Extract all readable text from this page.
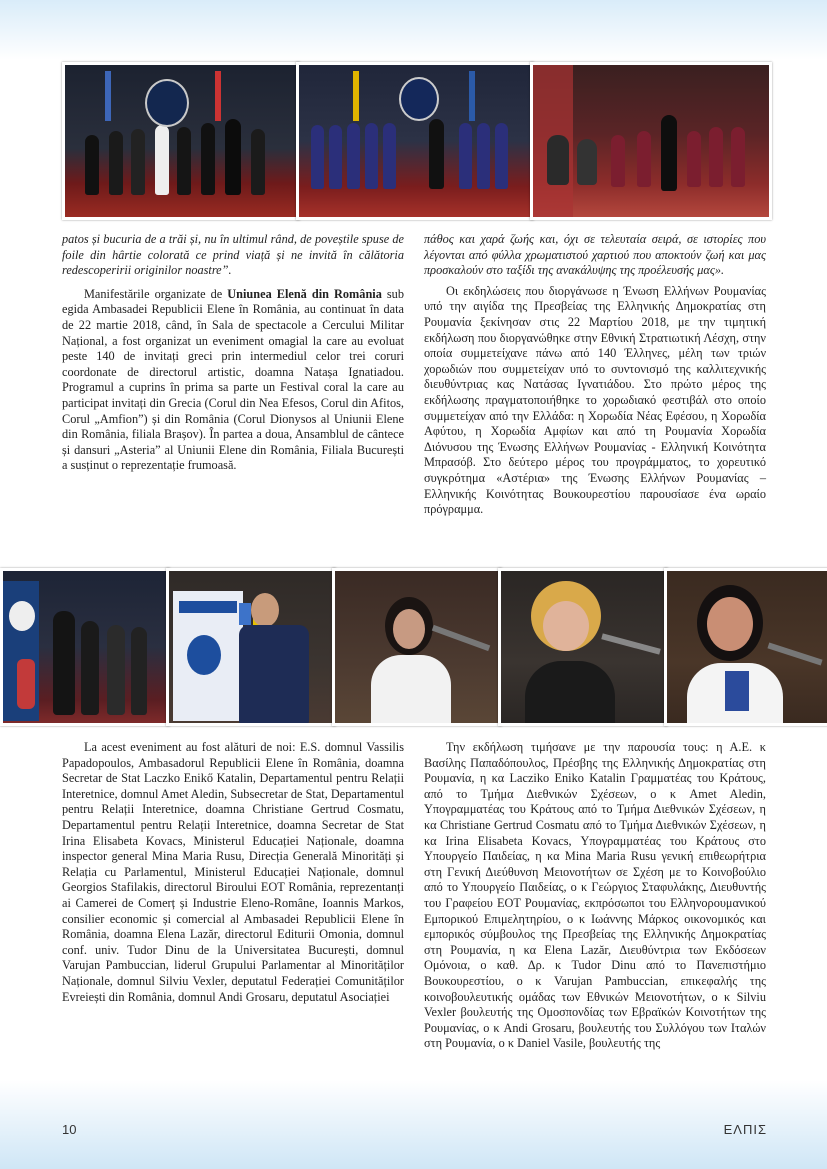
patos și bucuria de a trăi și, nu în ultimul rând, de poveștile spuse de foile din hârtie colorată ce prind viață și ne invită în călătoria redescoperirii originilor noastre”.

Manifestările organizate de Uniunea Elenă din România sub egida Ambasadei Republicii Elene în România, au continuat în data de 22 martie 2018, când, în Sala de spectacole a Cercului Militar Național, a fost organizat un eveniment omagial la care au evoluat peste 140 de invitați greci prin intermediul celor trei coruri coordonate de directorul artistic, doamna Natașa Ignatiadou. Programul a cuprins în prima sa parte un Festival coral la care au participat invitați din Grecia (Corul din Nea Efesos, Corul din Afitos, Corul „Amfion”) și din România (Corul Dionysos al Uniunii Elene din România, filiala Brașov). În partea a doua, Ansamblul de cântece și dansuri „Asteria” al Uniunii Elene din România, Filiala București a susținut o reprezentație frumoasă.

πάθος και χαρά ζωής και, όχι σε τελευταία σειρά, σε ιστορίες που λέγονται από φύλλα χρωματιστού χαρτιού που αποκτούν ζωή και μας προσκαλούν στο ταξίδι της ανακάλυψης της προέλευσής μας».

Οι εκδηλώσεις που διοργάνωσε η Ένωση Ελλήνων Ρουμανίας υπό την αιγίδα της Πρεσβείας της Ελληνικής Δημοκρατίας στη Ρουμανία ξεκίνησαν στις 22 Μαρτίου 2018, με την τιμητική εκδήλωση που διοργανώθηκε στην Εθνική Στρατιωτική Λέσχη, στην οποία συμμετείχανε πάνω από 140 Έλληνες, μέλη των τριών χορωδιών που συμμετείχαν υπό το συντονισμό της καλλιτεχνικής διευθύντριας κας Νατάσας Ιγνατιάδου. Στο πρώτο μέρος της εκδήλωσης πραγματοποιήθηκε το χορωδιακό φεστιβάλ στο οποίο συμμετείχαν από την Ελλάδα: η Χορωδία Νέας Εφέσου, η Χορωδία Αφύτου, η Χορωδία Αμφίων και από τη Ρουμανία Χορωδία Διόνυσου της Ένωσης Ελλήνων Ρουμανίας - Ελληνική Κοινότητα Μπρασόβ. Στο δεύτερο μέρος του προγράμματος, το χορευτικό συγκρότημα «Αστέρια» της Ένωσης Ελλήνων Ρουμανίας – Ελληνικής Κοινότητας Βουκουρεστίου παρουσίασε ένα ωραίο πρόγραμμα.

La acest eveniment au fost alături de noi: E.S. domnul Vassilis Papadopoulos, Ambasadorul Republicii Elene în România, doamna Secretar de Stat Laczko Enikő Katalin, Departamentul pentru Relații Interetnice, domnul Amet Aledin, Subsecretar de Stat, Departamentul pentru Relații Interetnice, doamna Christiane Gertrud Cosmatu, Departamentul pentru Relații Interetnice, doamna Secretar de Stat Irina Elisabeta Kovacs, Ministerul Educației Naționale, doamna inspector general Mina Maria Rusu, Direcția Generală Minorități și Relația cu Parlamentul, Ministerul Educației Naționale, domnul Georgios Stafilakis, directorul Biroului EOT România, reprezentanți ai Camerei de Comerț și Industrie Eleno-Române, Ioannis Markos, consilier economic și comercial al Ambasadei Republicii Elene în România, doamna Elena Lazăr, directorul Editurii Omonia, domnul conf. univ. Tudor Dinu de la Universitatea București, domnul Varujan Pambuccian, liderul Grupului Parlamentar al Minorităților Naționale, domnul Silviu Vexler, deputatul Federației Comunităților Evreiești din România, domnul Andi Grosaru, deputatul Asociației

Την εκδήλωση τιμήσανε με την παρουσία τους: η Α.Ε. κ Βασίλης Παπαδόπουλος, Πρέσβης της Ελληνικής Δημοκρατίας στη Ρουμανία, η κα Lacziko Eniko Katalin Γραμματέας του Κράτους, από το Τμήμα Διεθνικών Σχέσεων, ο κ Amet Aledin, Υπογραμματέας του Κράτους από το Τμήμα Διεθνικών Σχέσεων, η κα Christiane Gertrud Cosmatu από το Τμήμα Διεθνικών Σχέσεων, η κα Irina Elisabeta Kovacs, Υπογραμματέας του Κράτους στο Υπουργείο Παιδείας, η κα Mina Maria Rusu γενική επιθεωρήτρια στη Γενική Διεύθυνση Μειονοτήτων σε Σχέση με το Κοινοβούλιο από το Υπουργείο Παιδείας, ο κ Γεώργιος Σταφυλάκης, Διευθυντής του Γραφείου ΕΟΤ Ρουμανίας, εκπρόσωποι του Ελληνορουμανικού Εμπορικού Επιμελητηρίου, ο κ Ιωάννης Μάρκος οικονομικός και εμπορικός σύμβουλος της Πρεσβείας της Ελληνικής Δημοκρατίας στη Ρουμανία, η κα Elena Lazăr, Διευθύντρια των Εκδόσεων Ομόνοια, ο καθ. Δρ. κ Tudor Dinu από το Πανεπιστήμιο Βουκουρεστίου, ο κ Varujan Pambuccian, επικεφαλής της κοινοβουλευτικής ομάδας των Εθνικών Μειονοτήτων, ο κ Silviu Vexler βουλευτής της Ομοσπονδίας των Εβραϊκών Κοινοτήτων της Ρουμανίας, ο κ Andi Grosaru, βουλευτής του Συλλόγου των Ιταλών στη Ρουμανία, ο κ Daniel Vasile, βουλευτής της

10	ΕΛΠΙΣ
